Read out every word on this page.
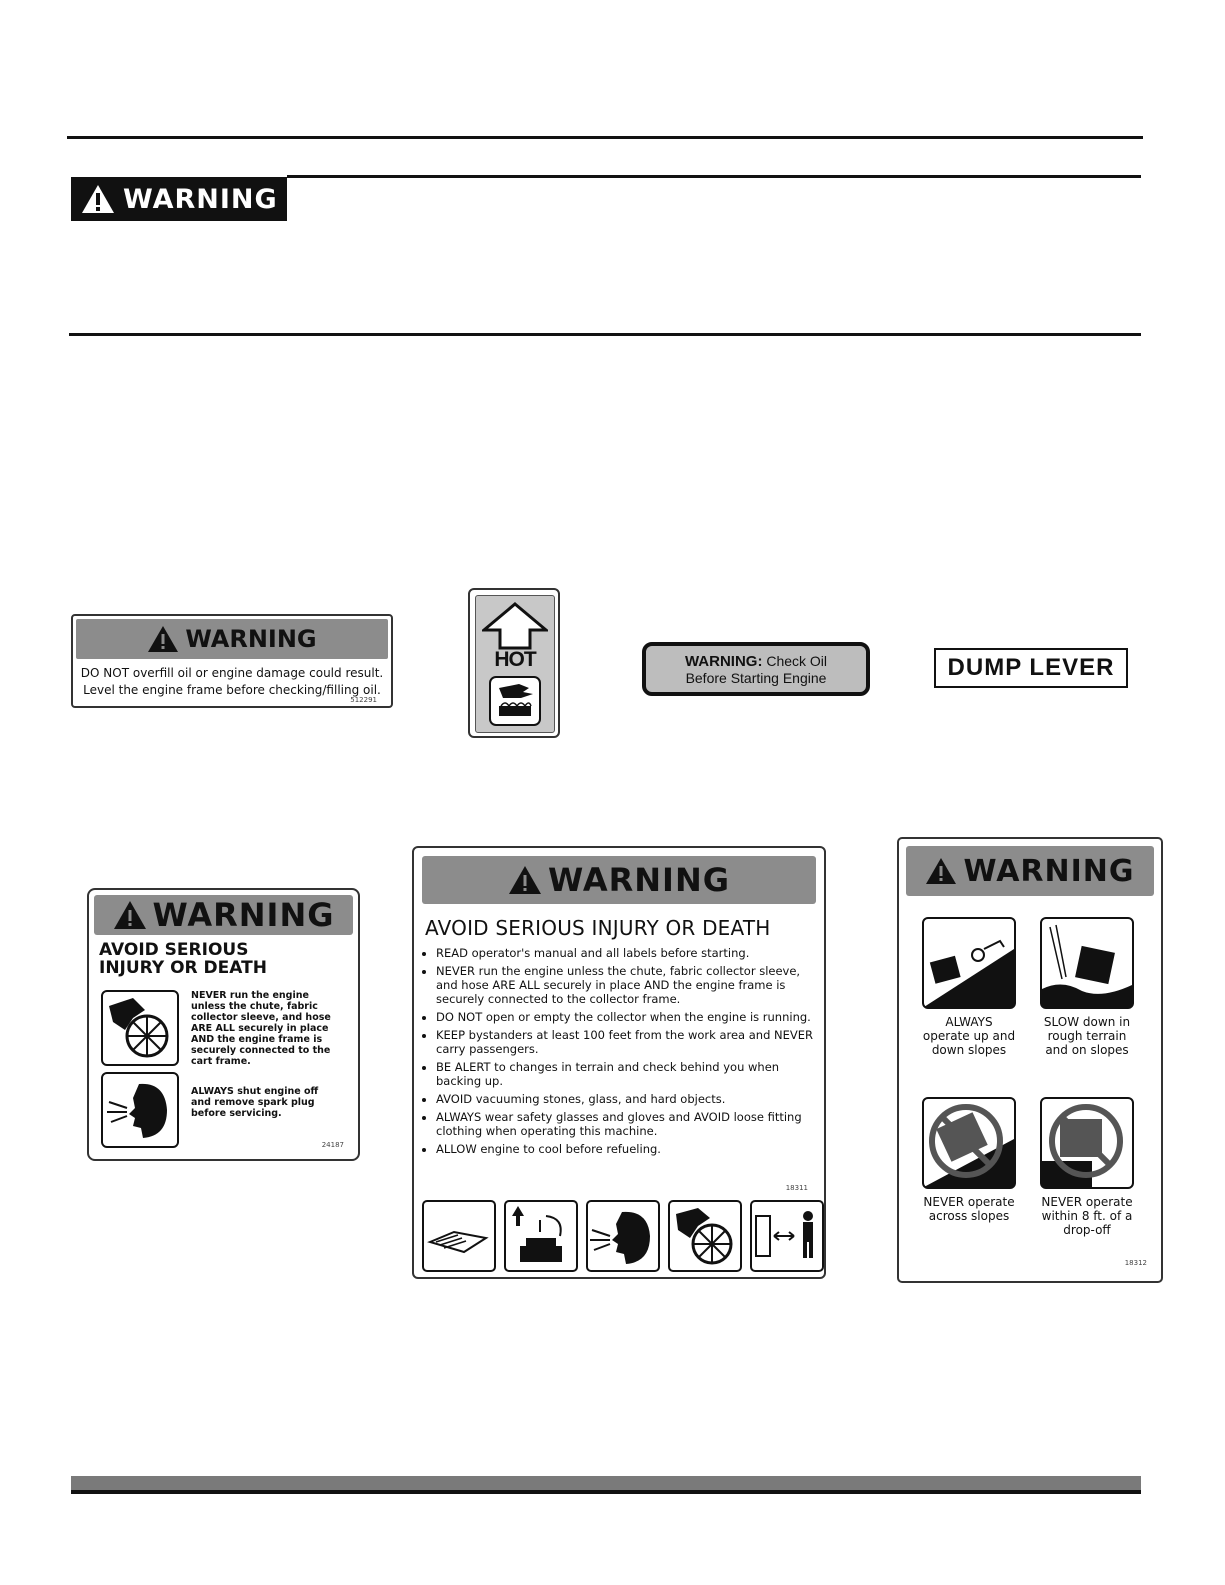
WARNING
WARNING
DO NOT overfill oil or engine damage could result.
Level the engine frame before checking/filling oil.
512291
HOT	WARNING: Check Oil
Before Starting Engine	DUMP LEVER
WARNING
AVOID SERIOUS INJURY OR DEATH
NEVER run the engine unless the chute, fabric collector sleeve, and hose ARE ALL securely in place AND the engine frame is securely connected to the cart frame.
ALWAYS shut engine off and remove spark plug before servicing.
24187
WARNING
AVOID SERIOUS INJURY OR DEATH
• READ operator's manual and all labels before starting.
• NEVER run the engine unless the chute, fabric collector sleeve, and hose ARE ALL securely in place AND the engine frame is securely connected to the collector frame.
• DO NOT open or empty the collector when the engine is running.
• KEEP bystanders at least 100 feet from the work area and NEVER carry passengers.
• BE ALERT to changes in terrain and check behind you when backing up.
• AVOID vacuuming stones, glass, and hard objects.
• ALWAYS wear safety glasses and gloves and AVOID loose fitting clothing when operating this machine.
• ALLOW engine to cool before refueling.
18311
WARNING
ALWAYS operate up and down slopes
SLOW down in rough terrain and on slopes
NEVER operate across slopes
NEVER operate within 8 ft. of a drop-off
18312
